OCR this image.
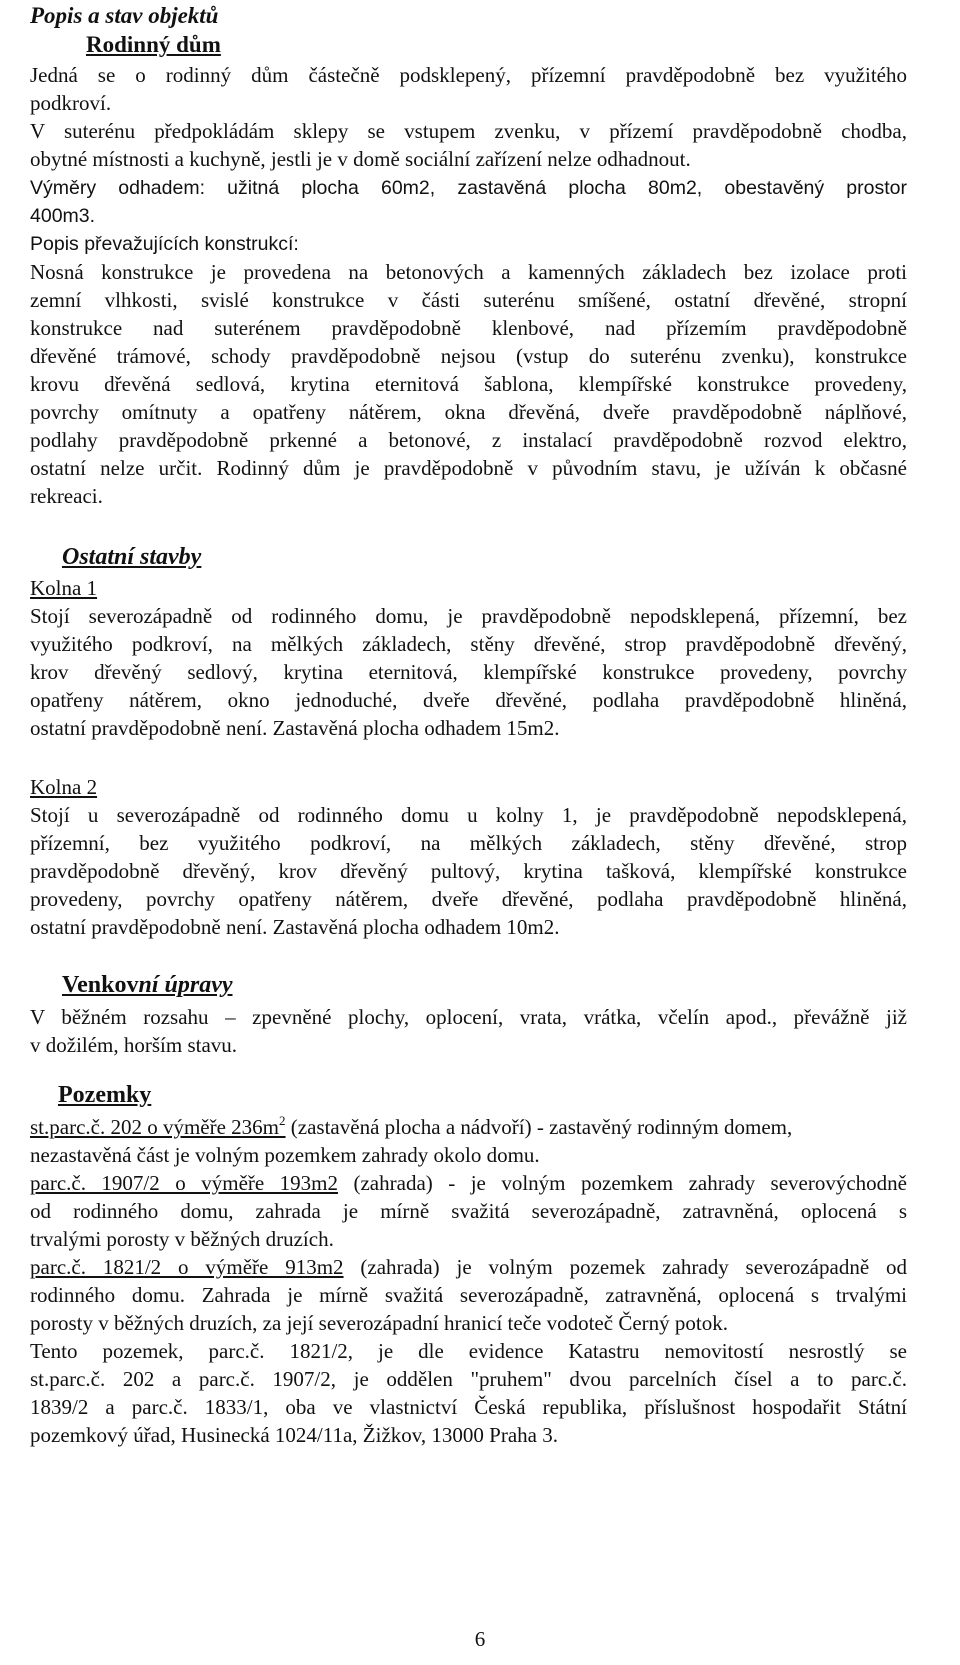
Popis a stav objektů
Rodinný dům
Jedná se o rodinný dům částečně podsklepený, přízemní pravděpodobně bez využitého
podkroví.
V suterénu předpokládám sklepy se vstupem zvenku, v přízemí pravděpodobně chodba,
obytné místnosti a kuchyně, jestli je v domě sociální zařízení nelze odhadnout.
Výměry odhadem: užitná plocha 60m2, zastavěná plocha 80m2, obestavěný prostor
400m3.
Popis převažujících konstrukcí:
Nosná konstrukce je provedena na betonových a kamenných základech bez izolace proti
zemní vlhkosti, svislé konstrukce v části suterénu smíšené, ostatní dřevěné, stropní
konstrukce nad suterénem pravděpodobně klenbové, nad přízemím pravděpodobně
dřevěné trámové, schody pravděpodobně nejsou (vstup do suterénu zvenku), konstrukce
krovu dřevěná sedlová, krytina eternitová šablona, klempířské konstrukce provedeny,
povrchy omítnuty a opatřeny nátěrem, okna dřevěná, dveře pravděpodobně náplňové,
podlahy pravděpodobně prkenné a betonové, z instalací pravděpodobně rozvod elektro,
ostatní nelze určit. Rodinný dům je pravděpodobně v původním stavu, je užíván k občasné
rekreaci.
Ostatní stavby
Kolna 1
Stojí severozápadně od rodinného domu, je pravděpodobně nepodsklepená, přízemní, bez
využitého podkroví, na mělkých základech, stěny dřevěné, strop pravděpodobně dřevěný,
krov dřevěný sedlový, krytina eternitová, klempířské konstrukce provedeny, povrchy
opatřeny nátěrem, okno jednoduché, dveře dřevěné, podlaha pravděpodobně hliněná,
ostatní pravděpodobně není. Zastavěná plocha odhadem 15m2.
Kolna 2
Stojí u severozápadně od rodinného domu u kolny 1, je pravděpodobně nepodsklepená,
přízemní, bez využitého podkroví, na mělkých základech, stěny dřevěné, strop
pravděpodobně dřevěný, krov dřevěný pultový, krytina tašková, klempířské konstrukce
provedeny, povrchy opatřeny nátěrem, dveře dřevěné, podlaha pravděpodobně hliněná,
ostatní pravděpodobně není. Zastavěná plocha odhadem 10m2.
Venkovní úpravy
V běžném rozsahu – zpevněné plochy, oplocení, vrata, vrátka, včelín apod., převážně již
v dožilém, horším stavu.
Pozemky
st.parc.č. 202 o výměře $236m^2$ (zastavěná plocha a nádvoří) - zastavěný rodinným domem,
nezastavěná část je volným pozemkem zahrady okolo domu.
parc.č. 1907/2 o výměře 193m2 (zahrada) - je volným pozemkem zahrady severovýchodně
od rodinného domu, zahrada je mírně svažitá severozápadně, zatravněná, oplocená s
trvalými porosty v běžných druzích.
parc.č. 1821/2 o výměře 913m2 (zahrada) je volným pozemek zahrady severozápadně od
rodinného domu. Zahrada je mírně svažitá severozápadně, zatravněná, oplocená s trvalými
porosty v běžných druzích, za její severozápadní hranicí teče vodoteč Černý potok.
Tento pozemek, parc.č. 1821/2, je dle evidence Katastru nemovitostí nesrostlý se
st.parc.č. 202 a parc.č. 1907/2, je oddělen "pruhem" dvou parcelních čísel a to parc.č.
1839/2 a parc.č. 1833/1, oba ve vlastnictví Česká republika, příslušnost hospodařit Státní
pozemkový úřad, Husinecká 1024/11a, Žižkov, 13000 Praha 3.
6
